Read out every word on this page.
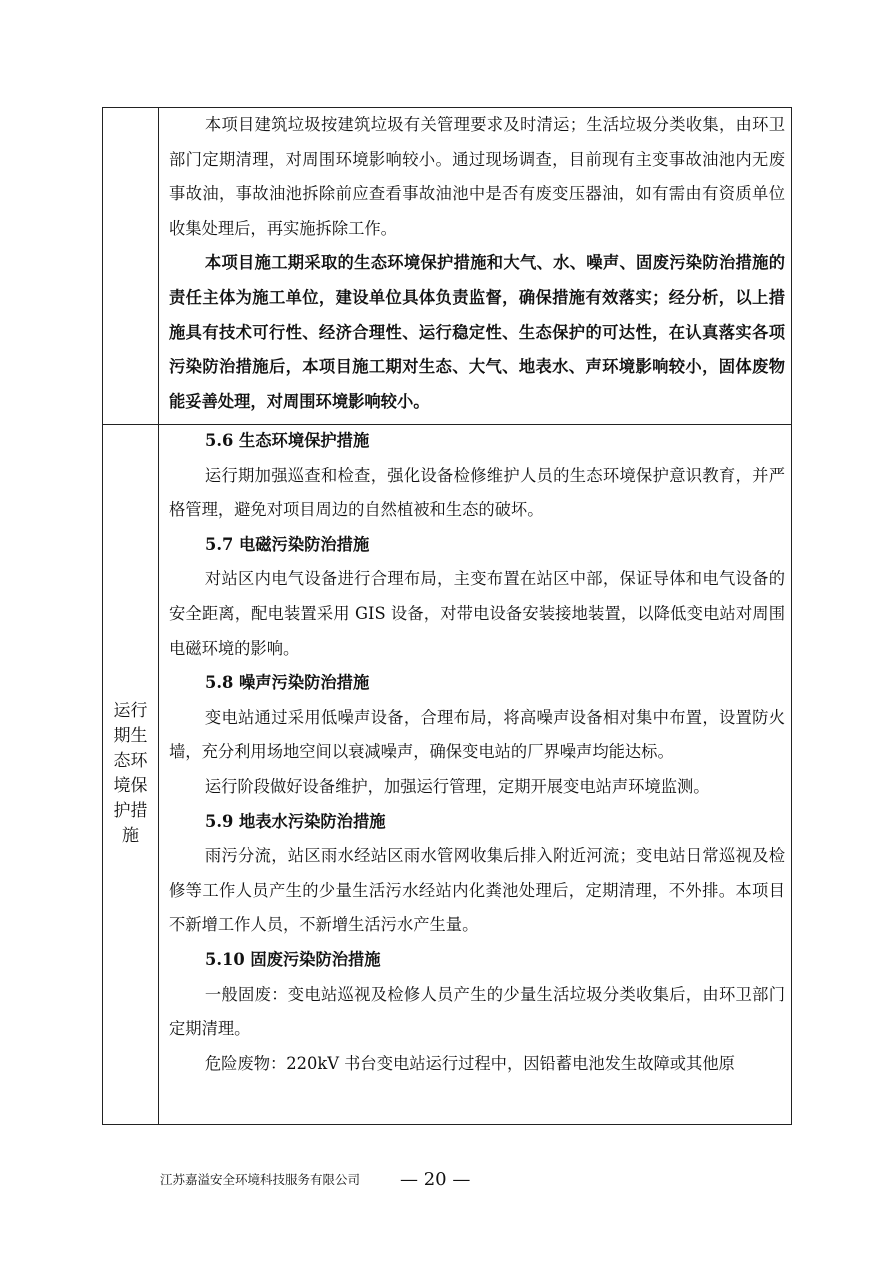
本项目建筑垃圾按建筑垃圾有关管理要求及时清运；生活垃圾分类收集，由环卫部门定期清理，对周围环境影响较小。通过现场调查，目前现有主变事故油池内无废事故油，事故油池拆除前应查看事故油池中是否有废变压器油，如有需由有资质单位收集处理后，再实施拆除工作。

本项目施工期采取的生态环境保护措施和大气、水、噪声、固废污染防治措施的责任主体为施工单位，建设单位具体负责监督，确保措施有效落实；经分析，以上措施具有技术可行性、经济合理性、运行稳定性、生态保护的可达性，在认真落实各项污染防治措施后，本项目施工期对生态、大气、地表水、声环境影响较小，固体废物能妥善处理，对周围环境影响较小。

运行期生态环境保护措施

5.6 生态环境保护措施

运行期加强巡查和检查，强化设备检修维护人员的生态环境保护意识教育，并严格管理，避免对项目周边的自然植被和生态的破坏。

5.7 电磁污染防治措施

对站区内电气设备进行合理布局，主变布置在站区中部，保证导体和电气设备的安全距离，配电装置采用 GIS 设备，对带电设备安装接地装置，以降低变电站对周围电磁环境的影响。

5.8 噪声污染防治措施

变电站通过采用低噪声设备，合理布局，将高噪声设备相对集中布置，设置防火墙，充分利用场地空间以衰减噪声，确保变电站的厂界噪声均能达标。

运行阶段做好设备维护，加强运行管理，定期开展变电站声环境监测。

5.9 地表水污染防治措施

雨污分流，站区雨水经站区雨水管网收集后排入附近河流；变电站日常巡视及检修等工作人员产生的少量生活污水经站内化粪池处理后，定期清理，不外排。本项目不新增工作人员，不新增生活污水产生量。

5.10 固废污染防治措施

一般固废：变电站巡视及检修人员产生的少量生活垃圾分类收集后，由环卫部门定期清理。

危险废物：220kV 书台变电站运行过程中，因铅蓄电池发生故障或其他原

江苏嘉溢安全环境科技服务有限公司 — 20 —
